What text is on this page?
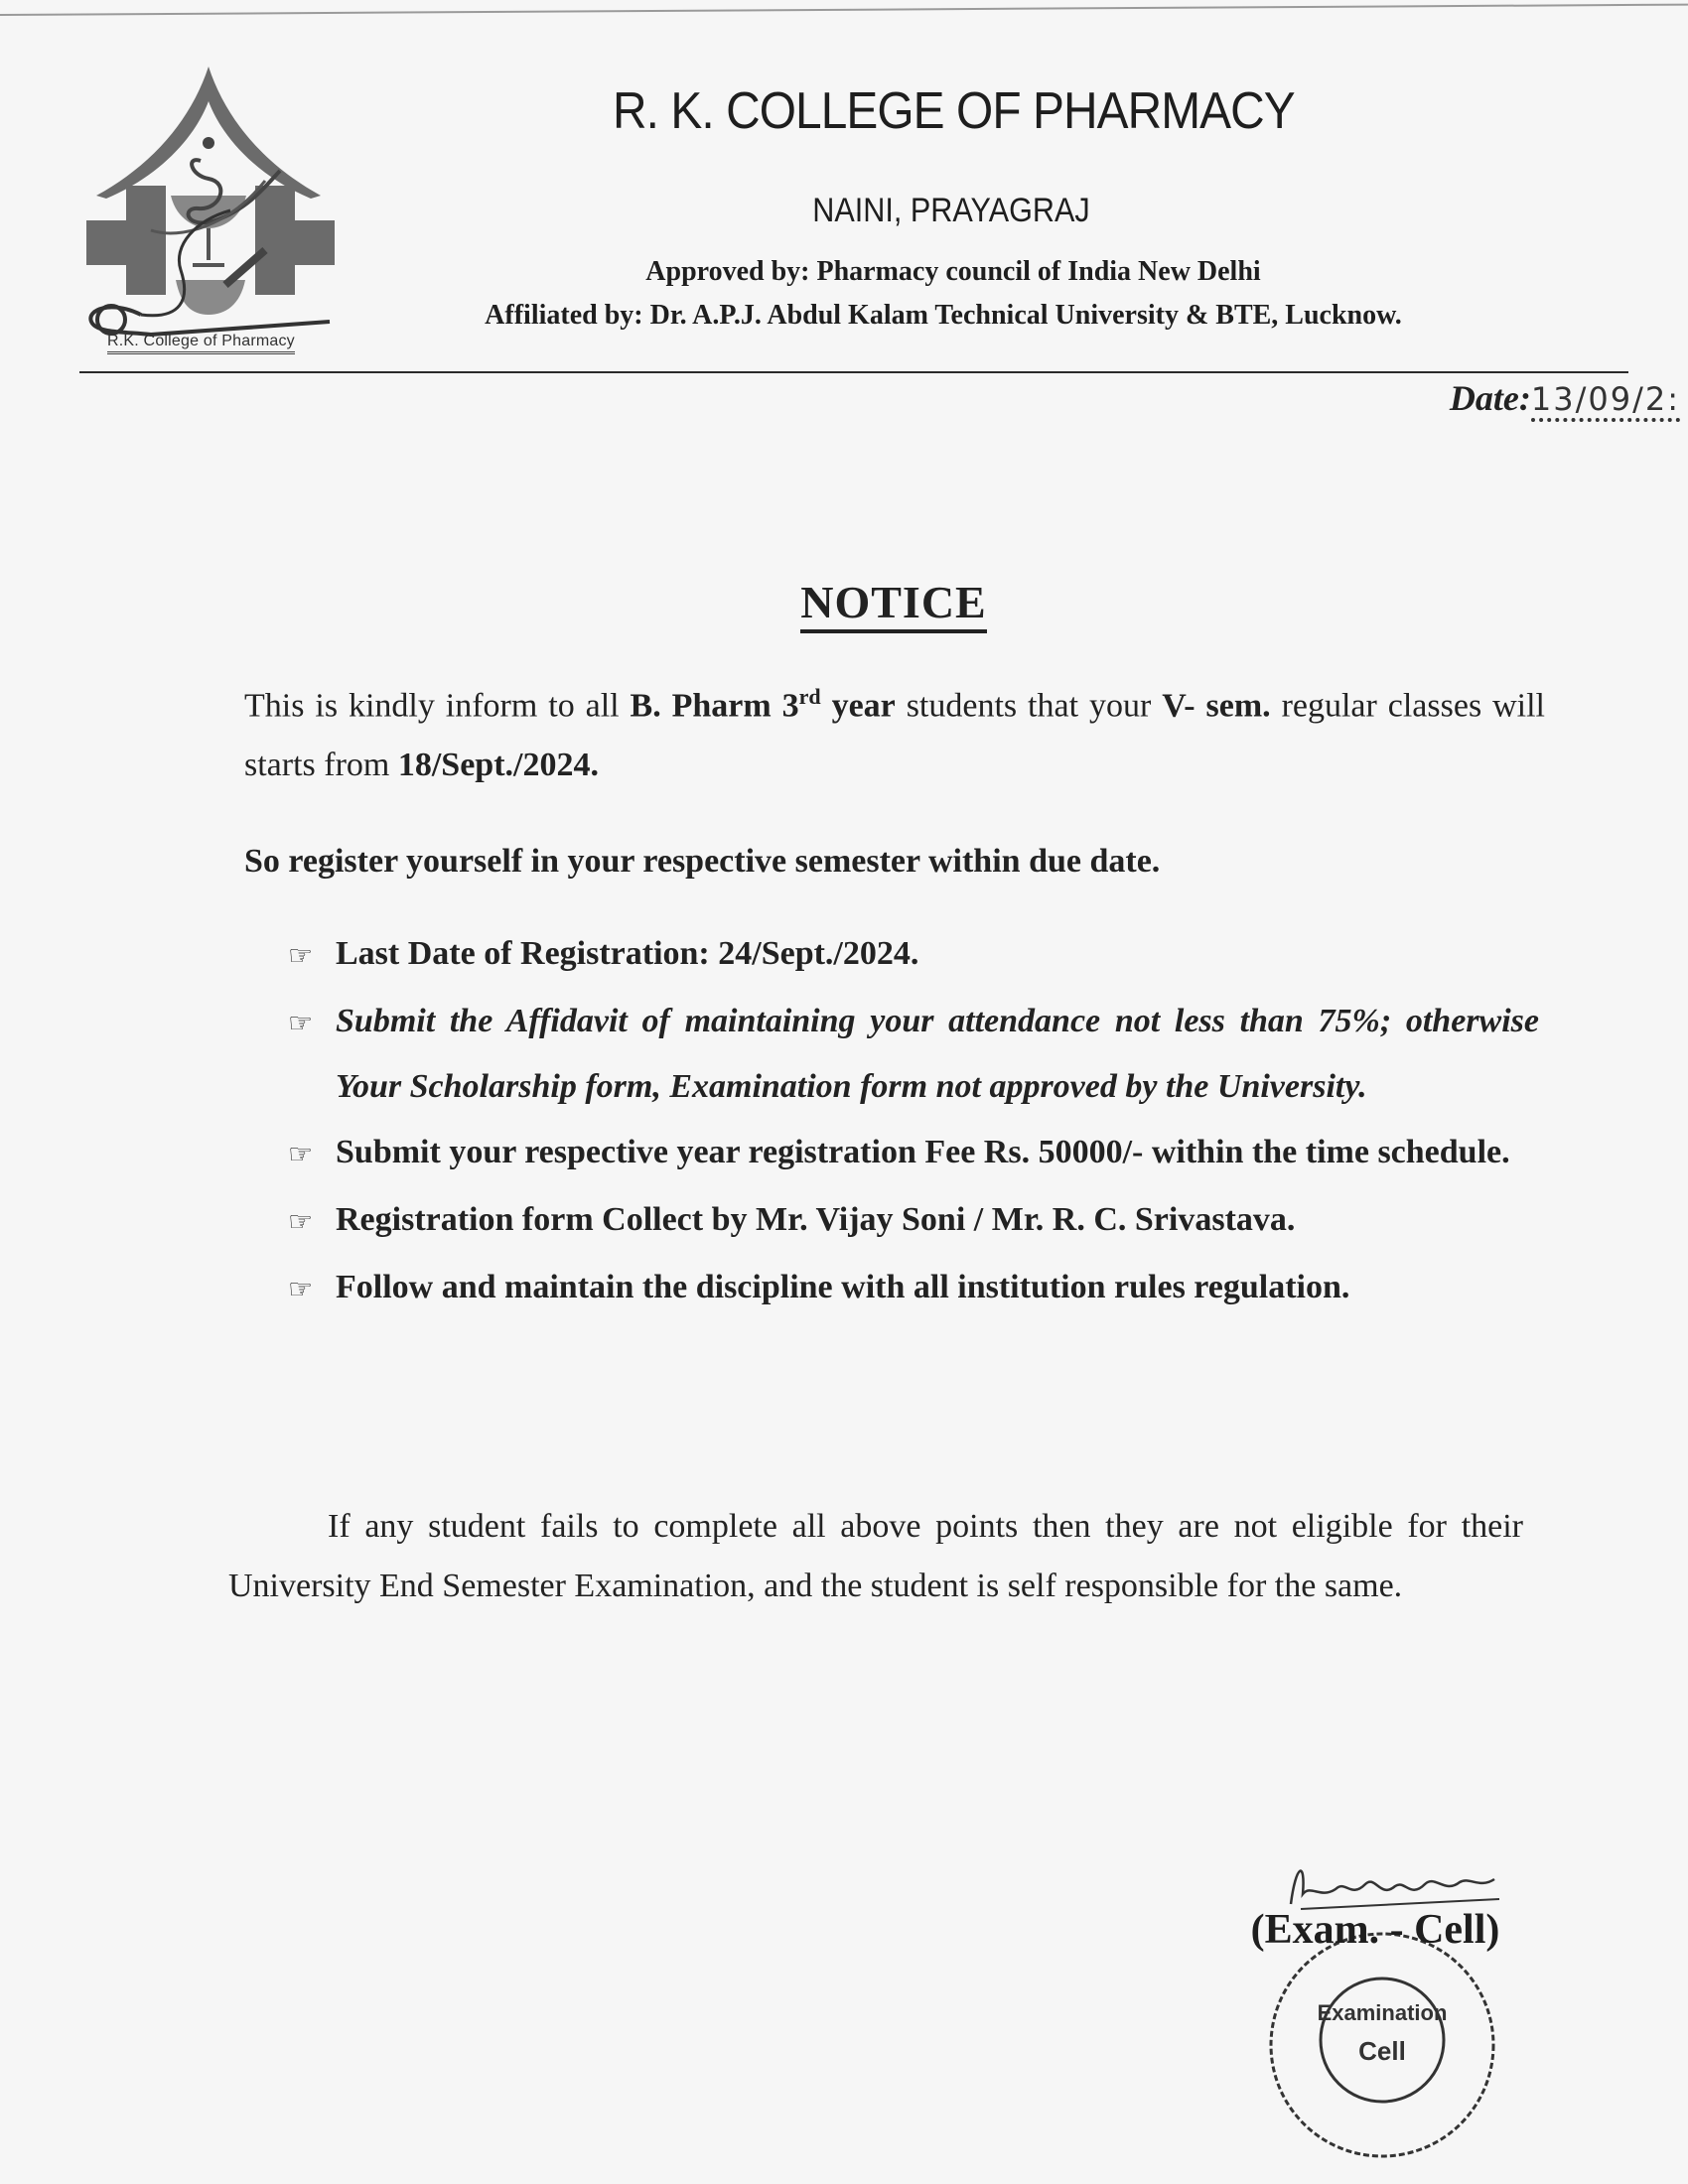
R.K. College of Pharmacy
R. K. COLLEGE OF PHARMACY
NAINI, PRAYAGRAJ
Approved by: Pharmacy council of India New Delhi
Affiliated by: Dr. A.P.J. Abdul Kalam Technical University & BTE, Lucknow.
Date:13/09/2:
NOTICE
This is kindly inform to all B. Pharm 3rd year students that your V- sem. regular classes will starts from 18/Sept./2024.
So register yourself in your respective semester within due date.
☞ Last Date of Registration: 24/Sept./2024.
☞ Submit the Affidavit of maintaining your attendance not less than 75%; otherwise Your Scholarship form, Examination form not approved by the University.
☞ Submit your respective year registration Fee Rs. 50000/- within the time schedule.
☞ Registration form Collect by Mr. Vijay Soni / Mr. R. C. Srivastava.
☞ Follow and maintain the discipline with all institution rules regulation.
If any student fails to complete all above points then they are not eligible for their University End Semester Examination, and the student is self responsible for the same.
Examination
Cell
(Exam. - Cell)
